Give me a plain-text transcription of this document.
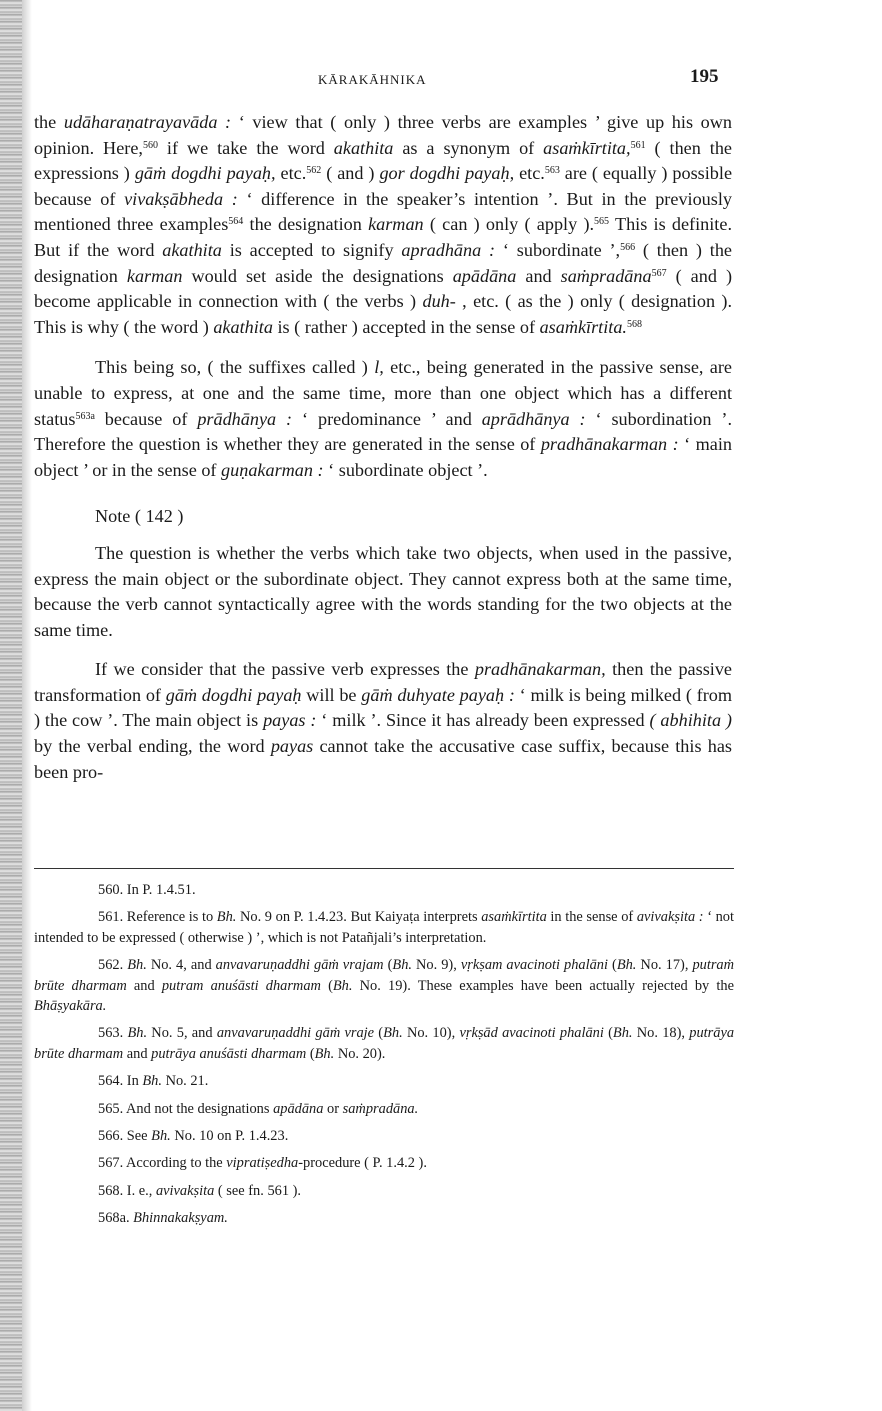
KĀRAKĀHNIKA	195

the udāharaṇatrayavāda : ‘ view that ( only ) three verbs are examples ’ give up his own opinion. Here,$^{560}$ if we take the word akathita as a synonym of asaṁkīrtita,$^{561}$ ( then the expressions ) gāṁ dogdhi payaḥ, etc.$^{562}$ ( and ) gor dogdhi payaḥ, etc.$^{563}$ are ( equally ) possible because of vivakṣābheda : ‘ difference in the speaker’s intention ’. But in the previously mentioned three examples$^{564}$ the designation karman ( can ) only ( apply ).$^{565}$ This is definite. But if the word akathita is accepted to signify apradhāna : ‘ subordinate ’,$^{566}$ ( then ) the designation karman would set aside the designations apādāna and saṁpradāna$^{567}$ ( and ) become applicable in connection with ( the verbs ) duh- , etc. ( as the ) only ( designation ). This is why ( the word ) akathita is ( rather ) accepted in the sense of asaṁkīrtita.$^{568}$

This being so, ( the suffixes called ) l, etc., being generated in the passive sense, are unable to express, at one and the same time, more than one object which has a different status$^{563a}$ because of prādhānya : ‘ predominance ’ and aprādhānya : ‘ subordination ’. Therefore the question is whether they are generated in the sense of pradhānakarman : ‘ main object ’ or in the sense of guṇakarman : ‘ subordinate object ’.

Note ( 142 )

The question is whether the verbs which take two objects, when used in the passive, express the main object or the subordinate object. They cannot express both at the same time, because the verb cannot syntactically agree with the words standing for the two objects at the same time.

If we consider that the passive verb expresses the pradhānakarman, then the passive transformation of gāṁ dogdhi payaḥ will be gāṁ duhyate payaḥ : ‘ milk is being milked ( from ) the cow ’. The main object is payas : ‘ milk ’. Since it has already been expressed ( abhihita ) by the verbal ending, the word payas cannot take the accusative case suffix, because this has been pro-

560. In P. 1.4.51.

561. Reference is to Bh. No. 9 on P. 1.4.23. But Kaiyaṭa interprets asaṁkīrtita in the sense of avivakṣita : ‘ not intended to be expressed ( otherwise ) ’, which is not Patañjali’s interpretation.

562. Bh. No. 4, and anvavaruṇaddhi gāṁ vrajam (Bh. No. 9), vṛkṣam avacinoti phalāni (Bh. No. 17), putraṁ brūte dharmam and putram anuśāsti dharmam (Bh. No. 19). These examples have been actually rejected by the Bhāṣyakāra.

563. Bh. No. 5, and anvavaruṇaddhi gāṁ vraje (Bh. No. 10), vṛkṣād avacinoti phalāni (Bh. No. 18), putrāya brūte dharmam and putrāya anuśāsti dharmam (Bh. No. 20).

564. In Bh. No. 21.

565. And not the designations apādāna or saṁpradāna.

566. See Bh. No. 10 on P. 1.4.23.

567. According to the vipratiṣedha-procedure ( P. 1.4.2 ).

568. I. e., avivakṣita ( see fn. 561 ).

568a. Bhinnakakṣyam.
